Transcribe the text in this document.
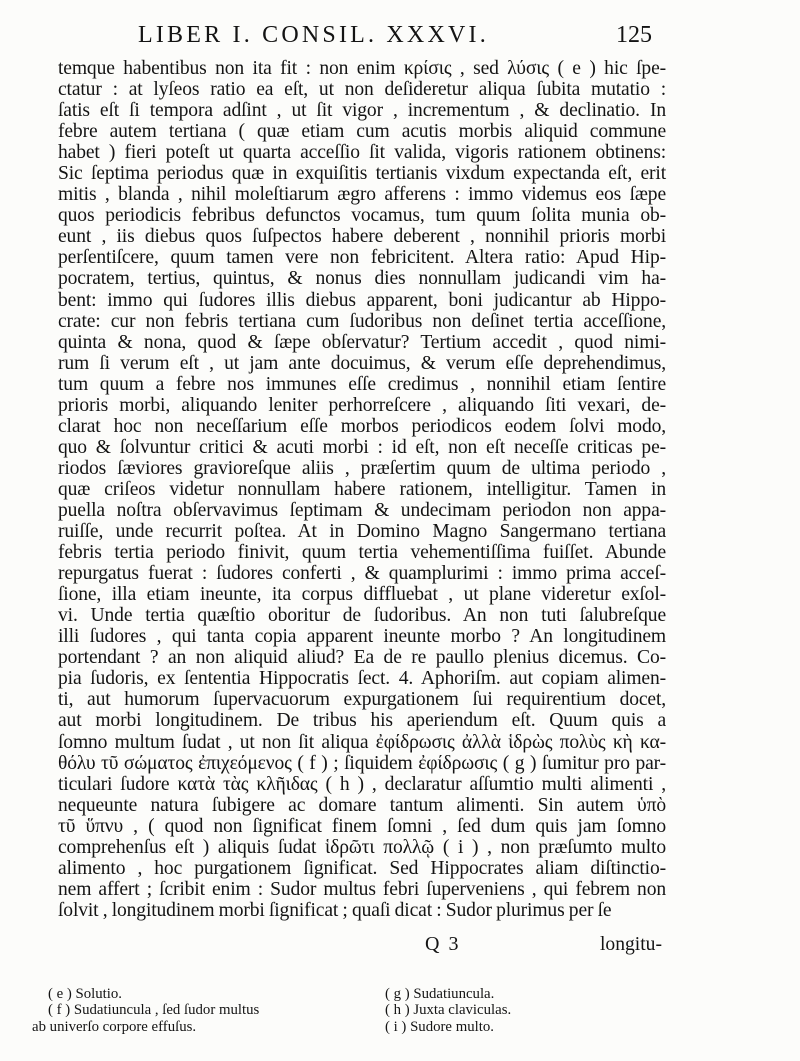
LIBER I. CONSIL. XXXVI.	125
temque habentibus non ita fit : non enim κρίσις , sed λύσις ( e ) hic ſpe-
ctatur : at lyſeos ratio ea eſt, ut non deſideretur aliqua ſubita mutatio :
ſatis eſt ſi tempora adſint , ut ſit vigor , incrementum , & declinatio. In
febre autem tertiana ( quæ etiam cum acutis morbis aliquid commune
habet ) fieri poteſt ut quarta acceſſio ſit valida, vigoris rationem obtinens:
Sic ſeptima periodus quæ in exquiſitis tertianis vixdum expectanda eſt, erit
mitis , blanda , nihil moleſtiarum ægro afferens : immo videmus eos ſæpe
quos periodicis febribus defunctos vocamus, tum quum ſolita munia ob-
eunt , iis diebus quos ſuſpectos habere deberent , nonnihil prioris morbi
perſentiſcere, quum tamen vere non febricitent. Altera ratio: Apud Hip-
pocratem, tertius, quintus, & nonus dies nonnullam judicandi vim ha-
bent: immo qui ſudores illis diebus apparent, boni judicantur ab Hippo-
crate: cur non febris tertiana cum ſudoribus non deſinet tertia acceſſione,
quinta & nona, quod & ſæpe obſervatur? Tertium accedit , quod nimi-
rum ſi verum eſt , ut jam ante docuimus, & verum eſſe deprehendimus,
tum quum a febre nos immunes eſſe credimus , nonnihil etiam ſentire
prioris morbi, aliquando leniter perhorreſcere , aliquando ſiti vexari, de-
clarat hoc non neceſſarium eſſe morbos periodicos eodem ſolvi modo,
quo & ſolvuntur critici & acuti morbi : id eſt, non eſt neceſſe criticas pe-
riodos ſæviores gravioreſque aliis , præſertim quum de ultima periodo ,
quæ criſeos videtur nonnullam habere rationem, intelligitur. Tamen in
puella noſtra obſervavimus ſeptimam & undecimam periodon non appa-
ruiſſe, unde recurrit poſtea. At in Domino Magno Sangermano tertiana
febris tertia periodo finivit, quum tertia vehementiſſima fuiſſet. Abunde
repurgatus fuerat : ſudores conferti , & quamplurimi : immo prima acceſ-
ſione, illa etiam ineunte, ita corpus diffluebat , ut plane videretur exſol-
vi. Unde tertia quæſtio oboritur de ſudoribus. An non tuti ſalubreſque
illi ſudores , qui tanta copia apparent ineunte morbo ? An longitudinem
portendant ? an non aliquid aliud? Ea de re paullo plenius dicemus. Co-
pia ſudoris, ex ſententia Hippocratis ſect. 4. Aphoriſm. aut copiam alimen-
ti, aut humorum ſupervacuorum expurgationem ſui requirentium docet,
aut morbi longitudinem. De tribus his aperiendum eſt. Quum quis a
ſomno multum ſudat , ut non ſit aliqua ἐφίδρωσις ἀλλὰ ἱδρὼς πολὺς κὴ κα-
θόλυ τῦ σώματος ἐπιχεόμενος ( f ) ; ſiquidem ἐφίδρωσις ( g ) ſumitur pro par-
ticulari ſudore κατὰ τὰς κλῆιδας ( h ) , declaratur aſſumtio multi alimenti ,
nequeunte natura ſubigere ac domare tantum alimenti. Sin autem ὑπὸ
τῦ ὕπνυ , ( quod non ſignificat finem ſomni , ſed dum quis jam ſomno
comprehenſus eſt ) aliquis ſudat ἱδρῶτι πολλῷ ( i ) , non præſumto multo
alimento , hoc purgationem ſignificat. Sed Hippocrates aliam diſtinctio-
nem affert ; ſcribit enim : Sudor multus febri ſuperveniens , qui febrem non
ſolvit , longitudinem morbi ſignificat ; quaſi dicat : Sudor plurimus per ſe
Q 3	longitu-
( e ) Solutio.	( g ) Sudatiuncula.
( f ) Sudatiuncula , ſed ſudor multus	( h ) Juxta claviculas.
ab univerſo corpore effuſus.	( i ) Sudore multo.
